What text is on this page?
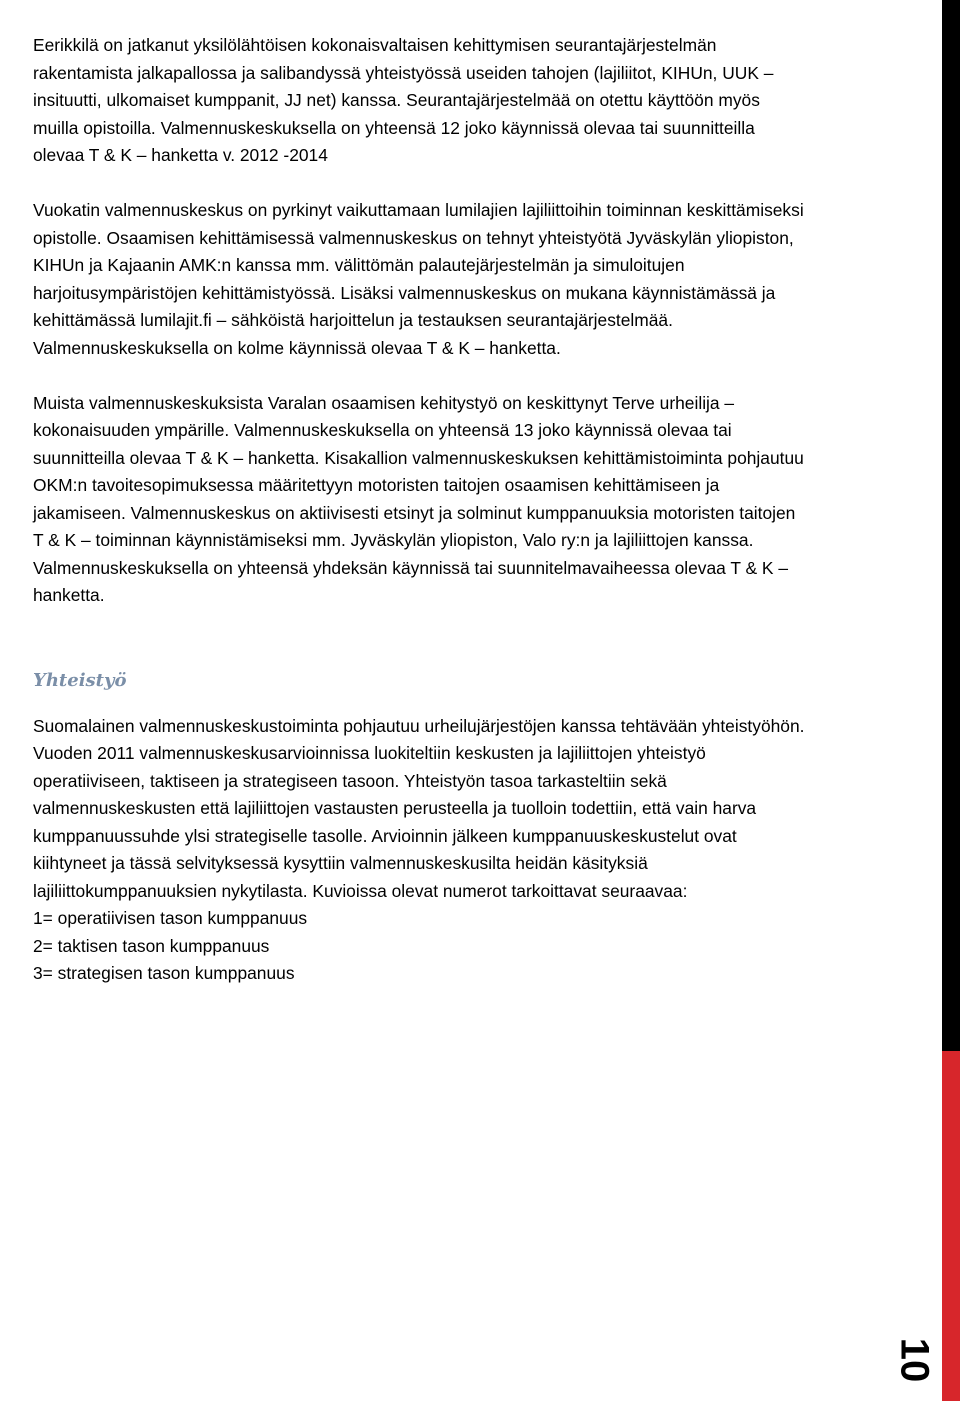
Eerikkilä on jatkanut yksilölähtöisen kokonaisvaltaisen kehittymisen seurantajärjestelmän
rakentamista jalkapallossa ja salibandyssä yhteistyössä useiden tahojen (lajiliitot, KIHUn, UUK –
insituutti, ulkomaiset kumppanit, JJ net) kanssa. Seurantajärjestelmää on otettu käyttöön myös
muilla opistoilla. Valmennuskeskuksella on yhteensä 12 joko käynnissä olevaa tai suunnitteilla
olevaa T & K – hanketta v. 2012 -2014

Vuokatin valmennuskeskus on pyrkinyt vaikuttamaan lumilajien lajiliittoihin toiminnan keskittämiseksi
opistolle. Osaamisen kehittämisessä valmennuskeskus on tehnyt yhteistyötä Jyväskylän yliopiston,
KIHUn ja Kajaanin AMK:n kanssa mm. välittömän palautejärjestelmän ja simuloitujen
harjoitusympäristöjen kehittämistyössä. Lisäksi valmennuskeskus on mukana käynnistämässä ja
kehittämässä lumilajit.fi – sähköistä harjoittelun ja testauksen seurantajärjestelmää.
Valmennuskeskuksella on kolme käynnissä olevaa T & K – hanketta.

Muista valmennuskeskuksista Varalan osaamisen kehitystyö on keskittynyt Terve urheilija –
kokonaisuuden ympärille. Valmennuskeskuksella on yhteensä 13 joko käynnissä olevaa tai
suunnitteilla olevaa T & K – hanketta. Kisakallion valmennuskeskuksen kehittämistoiminta pohjautuu
OKM:n tavoitesopimuksessa määritettyyn motoristen taitojen osaamisen kehittämiseen ja
jakamiseen. Valmennuskeskus on aktiivisesti etsinyt ja solminut kumppanuuksia motoristen taitojen
T & K – toiminnan käynnistämiseksi mm. Jyväskylän yliopiston, Valo ry:n ja lajiliittojen kanssa.
Valmennuskeskuksella on yhteensä yhdeksän käynnissä tai suunnitelmavaiheessa olevaa T & K –
hanketta.

Yhteistyö

Suomalainen valmennuskeskustoiminta pohjautuu urheilujärjestöjen kanssa tehtävään yhteistyöhön.
Vuoden 2011 valmennuskeskusarvioinnissa luokiteltiin keskusten ja lajiliittojen yhteistyö
operatiiviseen, taktiseen ja strategiseen tasoon. Yhteistyön tasoa tarkasteltiin sekä
valmennuskeskusten että lajiliittojen vastausten perusteella ja tuolloin todettiin, että vain harva
kumppanuussuhde ylsi strategiselle tasolle. Arvioinnin jälkeen kumppanuuskeskustelut ovat
kiihtyneet ja tässä selvityksessä kysyttiin valmennuskeskusilta heidän käsityksiä
lajiliittokumppanuuksien nykytilasta. Kuvioissa olevat numerot tarkoittavat seuraavaa:

1= operatiivisen tason kumppanuus

2= taktisen tason kumppanuus

3= strategisen tason kumppanuus

10
